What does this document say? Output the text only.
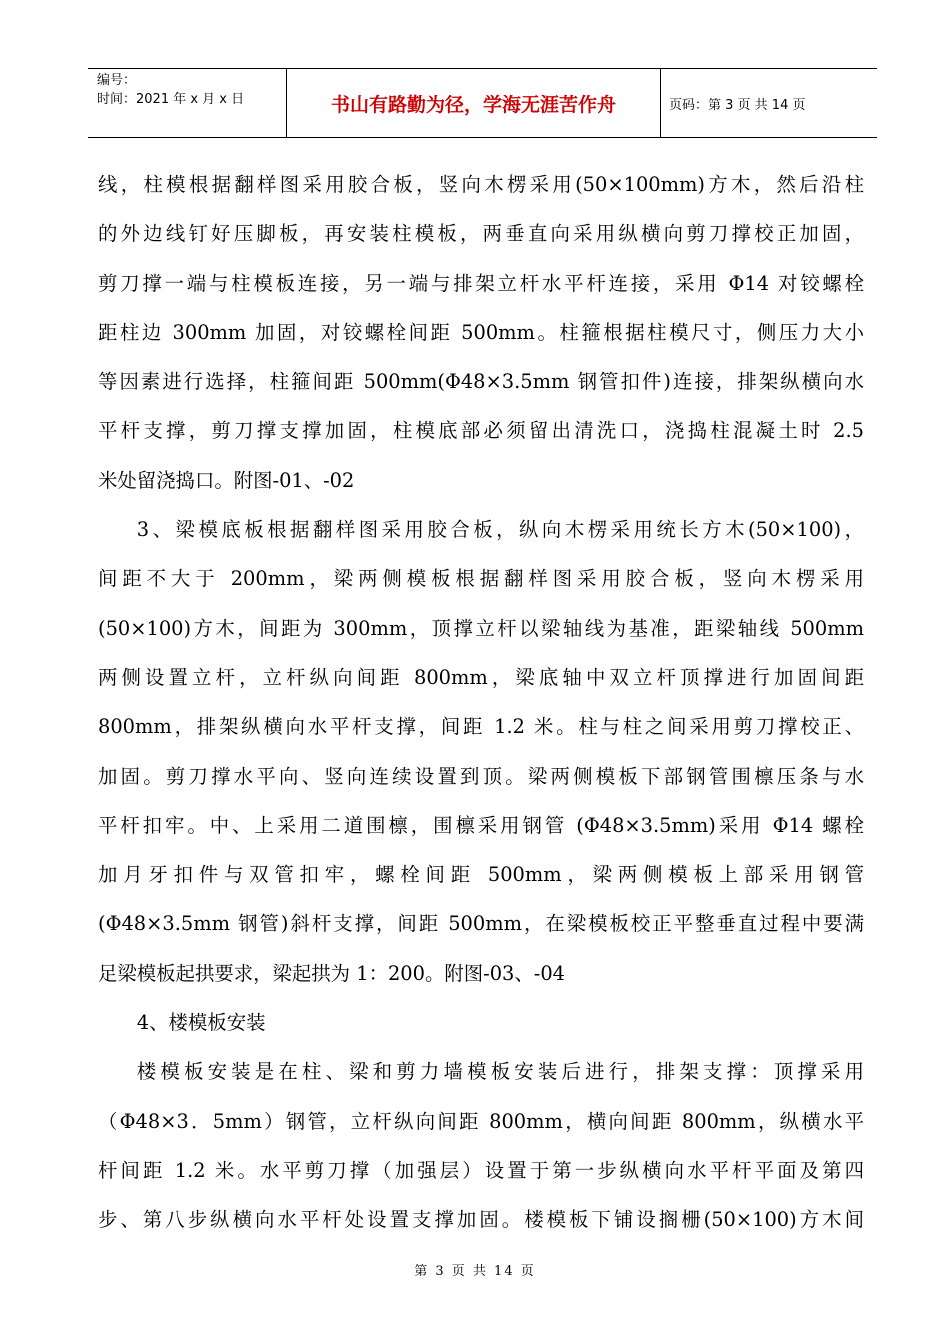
编号：
时间：2021 年 x 月 x 日	书山有路勤为径，学海无涯苦作舟	页码：第 3 页 共 14 页

线，柱模根据翻样图采用胶合板，竖向木楞采用(50×100mm)方木，然后沿柱

的外边线钉好压脚板，再安装柱模板，两垂直向采用纵横向剪刀撑校正加固，

剪刀撑一端与柱模板连接，另一端与排架立杆水平杆连接，采用 Φ14 对铰螺栓

距柱边 300mm 加固，对铰螺栓间距 500mm。柱箍根据柱模尺寸，侧压力大小

等因素进行选择，柱箍间距 500mm(Φ48×3.5mm 钢管扣件)连接，排架纵横向水

平杆支撑，剪刀撑支撑加固，柱模底部必须留出清洗口，浇捣柱混凝土时 2.5

米处留浇捣口。附图-01、-02

3、梁模底板根据翻样图采用胶合板，纵向木楞采用统长方木(50×100)，

间距不大于 200mm，梁两侧模板根据翻样图采用胶合板，竖向木楞采用

(50×100)方木，间距为 300mm，顶撑立杆以梁轴线为基准，距梁轴线 500mm

两侧设置立杆，立杆纵向间距 800mm，梁底轴中双立杆顶撑进行加固间距

800mm，排架纵横向水平杆支撑，间距 1.2 米。柱与柱之间采用剪刀撑校正、

加固。剪刀撑水平向、竖向连续设置到顶。梁两侧模板下部钢管围檩压条与水

平杆扣牢。中、上采用二道围檩，围檩采用钢管 (Φ48×3.5mm)采用 Φ14 螺栓

加月牙扣件与双管扣牢，螺栓间距 500mm，梁两侧模板上部采用钢管

(Φ48×3.5mm 钢管)斜杆支撑，间距 500mm，在梁模板校正平整垂直过程中要满

足梁模板起拱要求，梁起拱为 1：200。附图-03、-04

4、楼模板安装

楼模板安装是在柱、梁和剪力墙模板安装后进行，排架支撑：顶撑采用

（Φ48×3．5mm）钢管，立杆纵向间距 800mm，横向间距 800mm，纵横水平

杆间距 1.2 米。水平剪刀撑（加强层）设置于第一步纵横向水平杆平面及第四

步、第八步纵横向水平杆处设置支撑加固。楼模板下铺设搁栅(50×100)方木间

第 3 页 共 14 页
